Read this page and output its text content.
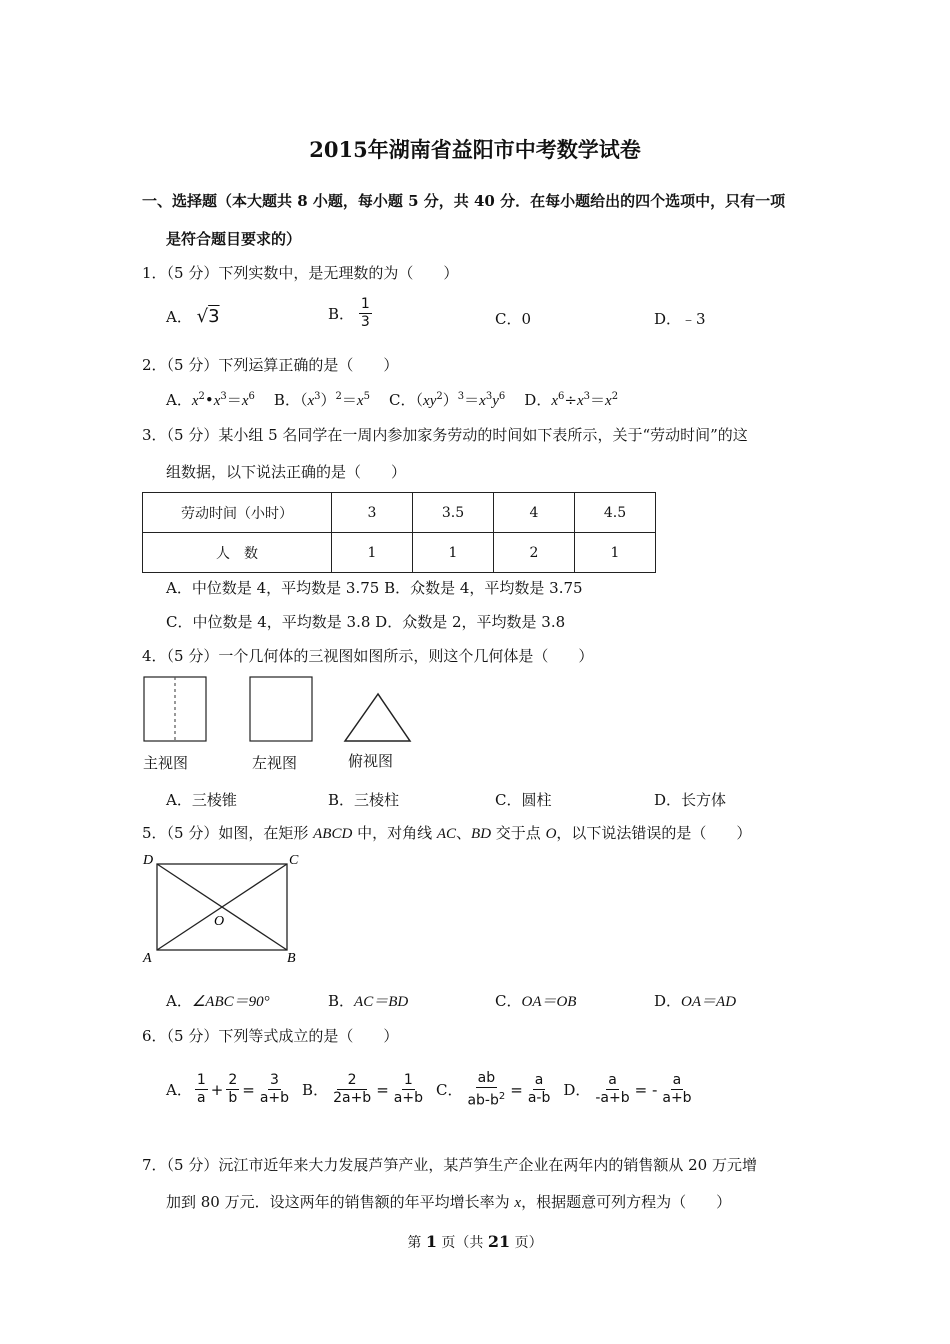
2015年湖南省益阳市中考数学试卷
一、选择题（本大题共 8 小题，每小题 5 分，共 40 分．在每小题给出的四个选项中，只有一项
是符合题目要求的）
1．（5 分）下列实数中，是无理数的为（　　）
A． √3	B． $\frac{1}{3}$	C．0	D．﹣3
2．（5 分）下列运算正确的是（　　）
A．$x^2•x^3=x^6$    B．$(x^3)^2=x^5$    C．$(xy^2)^3=x^3y^6$    D．$x^6\div x^3=x^2$
3．（5 分）某小组 5 名同学在一周内参加家务劳动的时间如下表所示，关于“劳动时间”的这
组数据，以下说法正确的是（　　）
劳动时间（小时）	3	3.5	4	4.5
人　数	1	1	2	1
A．中位数是 4，平均数是 3.75 B．众数是 4，平均数是 3.75
C．中位数是 4，平均数是 3.8 D．众数是 2，平均数是 3.8
4．（5 分）一个几何体的三视图如图所示，则这个几何体是（　　）
主视图	左视图	俯视图
A．三棱锥	B．三棱柱	C．圆柱	D．长方体
5．（5 分）如图，在矩形 ABCD 中，对角线 AC、BD 交于点 O，以下说法错误的是（　　）
D	C
A	B
O
A．∠ABC＝90°	B．AC＝BD	C．OA＝OB	D．OA＝AD
6．（5 分）下列等式成立的是（　　）
A． $\frac{1}{a} + \frac{2}{b} = \frac{3}{a+b}$ B． $\frac{2}{2a+b} = \frac{1}{a+b}$ C． $\frac{ab}{ab-b^2} = \frac{a}{a-b}$ D． $\frac{a}{-a+b}$ = - $\frac{a}{a+b}$
7．（5 分）沅江市近年来大力发展芦笋产业，某芦笋生产企业在两年内的销售额从 20 万元增
加到 80 万元．设这两年的销售额的年平均增长率为 x，根据题意可列方程为（　　）
第 1 页（共 21 页）
